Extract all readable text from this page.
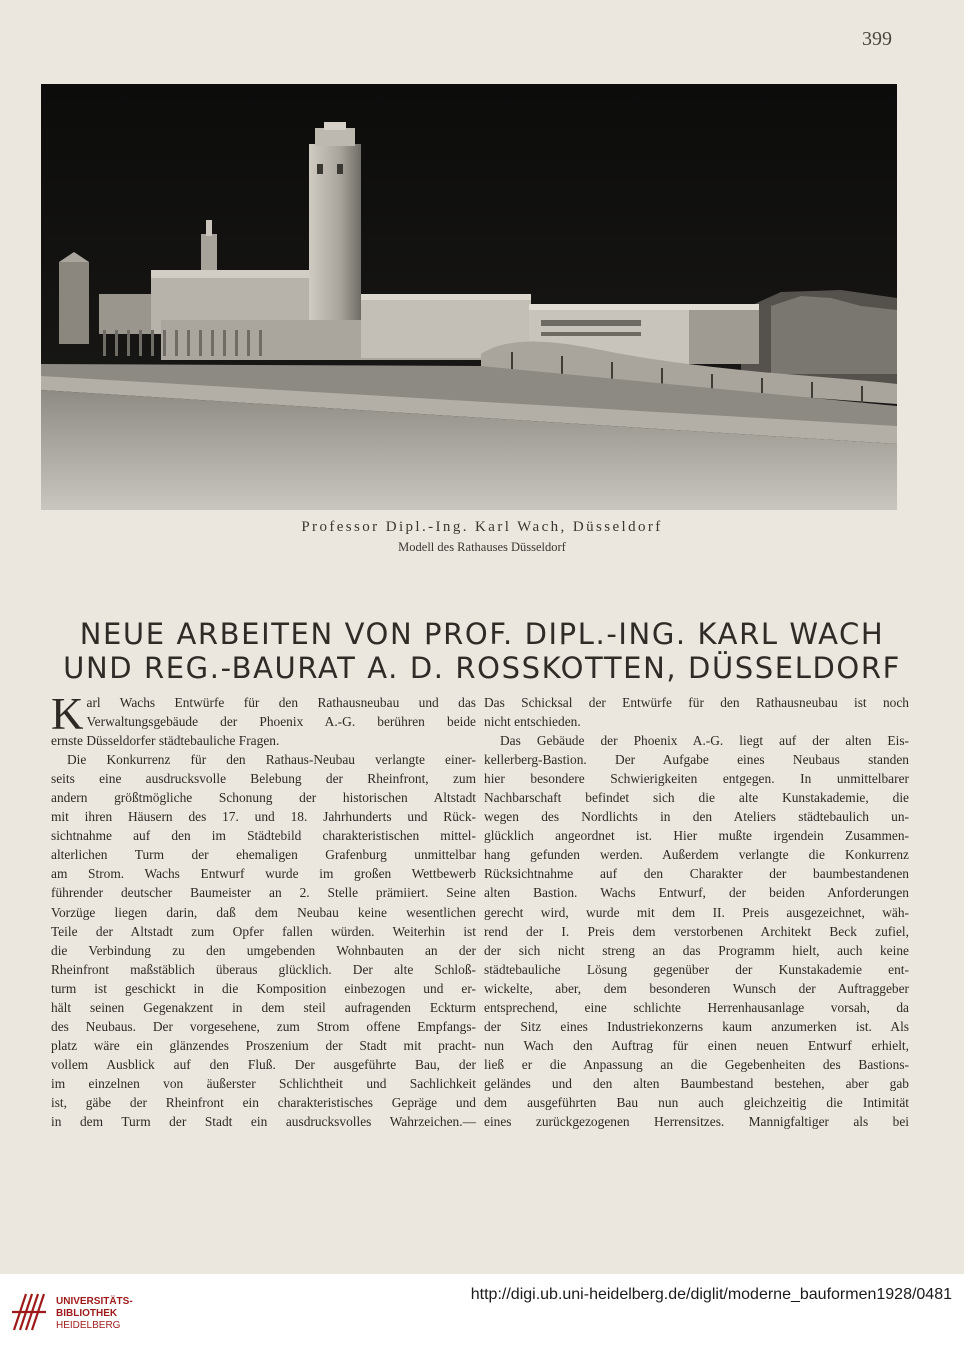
399
Professor Dipl.-Ing. Karl Wach, Düsseldorf
Modell des Rathauses Düsseldorf
NEUE ARBEITEN VON PROF. DIPL.-ING. KARL WACH
UND REG.-BAURAT A. D. ROSSKOTTEN, DÜSSELDORF
K arl Wachs Entwürfe für den Rathausneubau und das

Verwaltungsgebäude der Phoenix A.-G. berühren beide

ernste Düsseldorfer städtebauliche Fragen.

Die Konkurrenz für den Rathaus-Neubau verlangte einer-

seits eine ausdrucksvolle Belebung der Rheinfront, zum

andern größtmögliche Schonung der historischen Altstadt

mit ihren Häusern des 17. und 18. Jahrhunderts und Rück-

sichtnahme auf den im Städtebild charakteristischen mittel-

alterlichen Turm der ehemaligen Grafenburg unmittelbar

am Strom. Wachs Entwurf wurde im großen Wettbewerb

führender deutscher Baumeister an 2. Stelle prämiiert. Seine

Vorzüge liegen darin, daß dem Neubau keine wesentlichen

Teile der Altstadt zum Opfer fallen würden. Weiterhin ist

die Verbindung zu den umgebenden Wohnbauten an der

Rheinfront maßstäblich überaus glücklich. Der alte Schloß-

turm ist geschickt in die Komposition einbezogen und er-

hält seinen Gegenakzent in dem steil aufragenden Eckturm

des Neubaus. Der vorgesehene, zum Strom offene Empfangs-

platz wäre ein glänzendes Proszenium der Stadt mit pracht-

vollem Ausblick auf den Fluß. Der ausgeführte Bau, der

im einzelnen von äußerster Schlichtheit und Sachlichkeit

ist, gäbe der Rheinfront ein charakteristisches Gepräge und

in dem Turm der Stadt ein ausdrucksvolles Wahrzeichen.—

Das Schicksal der Entwürfe für den Rathausneubau ist noch

nicht entschieden.

Das Gebäude der Phoenix A.-G. liegt auf der alten Eis-

kellerberg-Bastion. Der Aufgabe eines Neubaus standen

hier besondere Schwierigkeiten entgegen. In unmittelbarer

Nachbarschaft befindet sich die alte Kunstakademie, die

wegen des Nordlichts in den Ateliers städtebaulich un-

glücklich angeordnet ist. Hier mußte irgendein Zusammen-

hang gefunden werden. Außerdem verlangte die Konkurrenz

Rücksichtnahme auf den Charakter der baumbestandenen

alten Bastion. Wachs Entwurf, der beiden Anforderungen

gerecht wird, wurde mit dem II. Preis ausgezeichnet, wäh-

rend der I. Preis dem verstorbenen Architekt Beck zufiel,

der sich nicht streng an das Programm hielt, auch keine

städtebauliche Lösung gegenüber der Kunstakademie ent-

wickelte, aber, dem besonderen Wunsch der Auftraggeber

entsprechend, eine schlichte Herrenhausanlage vorsah, da

der Sitz eines Industriekonzerns kaum anzumerken ist. Als

nun Wach den Auftrag für einen neuen Entwurf erhielt,

ließ er die Anpassung an die Gegebenheiten des Bastions-

geländes und den alten Baumbestand bestehen, aber gab

dem ausgeführten Bau nun auch gleichzeitig die Intimität

eines zurückgezogenen Herrensitzes. Mannigfaltiger als bei

UNIVERSITÄTS-
BIBLIOTHEK
HEIDELBERG
http://digi.ub.uni-heidelberg.de/diglit/moderne_bauformen1928/0481
